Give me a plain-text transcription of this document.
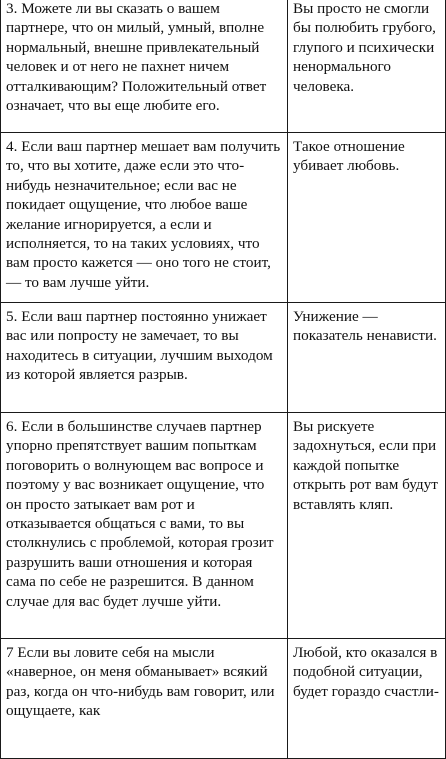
3. Можете ли вы сказать о вашем партнере, что он милый, умный, вполне нормальный, внешне привлекательный человек и от него не пахнет ничем отталкивающим? Положительный ответ означает, что вы еще любите его.	Вы просто не смогли бы полюбить грубого, глупого и психически ненормального человека.
4. Если ваш партнер мешает вам получить то, что вы хотите, даже если это что-нибудь незначительное; если вас не покидает ощущение, что любое ваше желание игнорируется, а если и исполняется, то на таких условиях, что вам просто кажется — оно того не стоит, — то вам лучше уйти.	Такое отношение убивает любовь.
5. Если ваш партнер постоянно унижает вас или попросту не замечает, то вы находитесь в ситуации, лучшим выходом из которой является разрыв.	Унижение — показатель ненависти.
6. Если в большинстве случаев партнер упорно препятствует вашим попыткам поговорить о волнующем вас вопросе и поэтому у вас возникает ощущение, что он просто затыкает вам рот и отказывается общаться с вами, то вы столкнулись с проблемой, которая грозит разрушить ваши отношения и которая сама по себе не разрешится. В данном случае для вас будет лучше уйти.	Вы рискуете задохнуться, если при каждой попытке открыть рот вам будут вставлять кляп.
7 Если вы ловите себя на мысли «наверное, он меня обманывает» всякий раз, когда он что-нибудь вам говорит, или ощущаете, как	Любой, кто оказался в подобной ситуации, будет гораздо счастли-
